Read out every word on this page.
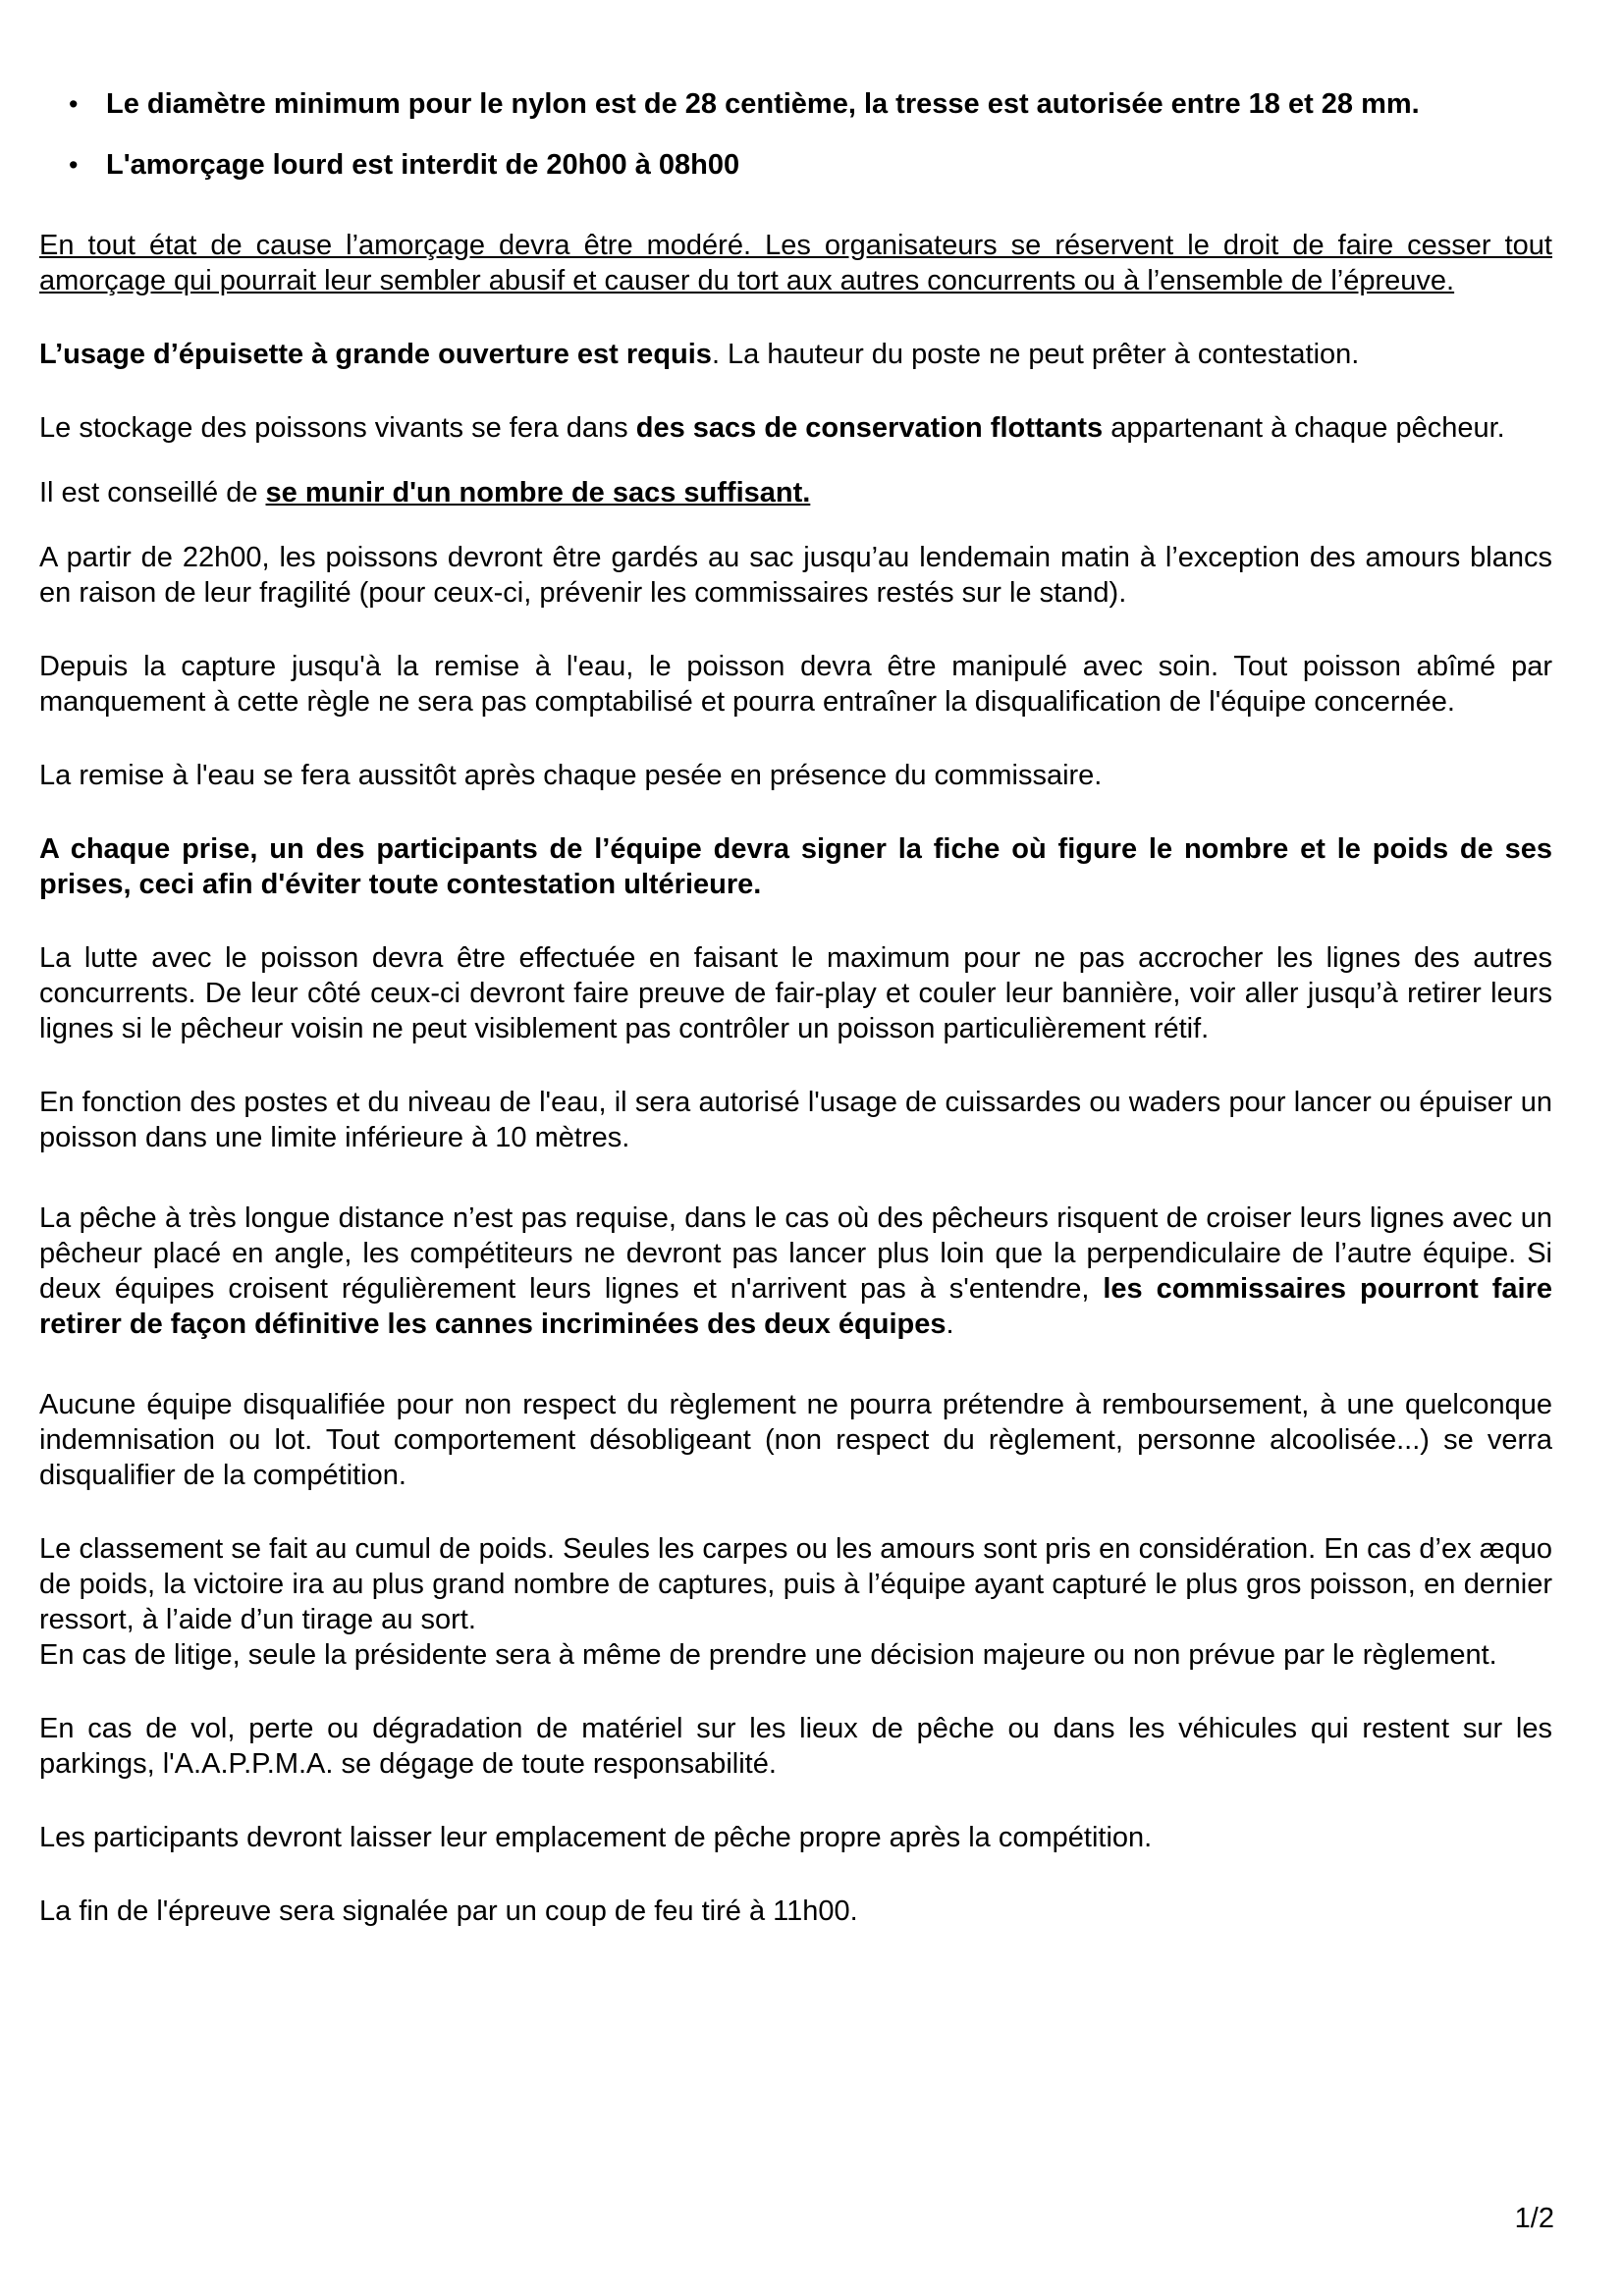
• Le diamètre minimum pour le nylon est de 28 centième, la tresse est autorisée entre 18 et 28 mm.
• L'amorçage lourd est interdit de 20h00 à 08h00

En tout état de cause l’amorçage devra être modéré. Les organisateurs se réservent le droit de faire cesser tout amorçage qui pourrait leur sembler abusif et causer du tort aux autres concurrents ou à l’ensemble de l’épreuve.

L’usage d’épuisette à grande ouverture est requis. La hauteur du poste ne peut prêter à contestation.

Le stockage des poissons vivants se fera dans des sacs de conservation flottants appartenant à chaque pêcheur.

Il est conseillé de se munir d'un nombre de sacs suffisant.

A partir de 22h00, les poissons devront être gardés au sac jusqu’au lendemain matin à l’exception des amours blancs en raison de leur fragilité (pour ceux-ci, prévenir les commissaires restés sur le stand).

Depuis la capture jusqu'à la remise à l'eau, le poisson devra être manipulé avec soin. Tout poisson abîmé par manquement à cette règle ne sera pas comptabilisé et pourra entraîner la disqualification de l'équipe concernée.

La remise à l'eau se fera aussitôt après chaque pesée en présence du commissaire.

A chaque prise, un des participants de l’équipe devra signer la fiche où figure le nombre et le poids de ses prises, ceci afin d'éviter toute contestation ultérieure.

La lutte avec le poisson devra être effectuée en faisant le maximum pour ne pas accrocher les lignes des autres concurrents. De leur côté ceux-ci devront faire preuve de fair-play et couler leur bannière, voir aller jusqu’à retirer leurs lignes si le pêcheur voisin ne peut visiblement pas contrôler un poisson particulièrement rétif.

En fonction des postes et du niveau de l'eau, il sera autorisé l'usage de cuissardes ou waders pour lancer ou épuiser un poisson dans une limite inférieure à 10 mètres.

La pêche à très longue distance n’est pas requise, dans le cas où des pêcheurs risquent de croiser leurs lignes avec un pêcheur placé en angle, les compétiteurs ne devront pas lancer plus loin que la perpendiculaire de l’autre équipe. Si deux équipes croisent régulièrement leurs lignes et n'arrivent pas à s'entendre, les commissaires pourront faire retirer de façon définitive les cannes incriminées des deux équipes.

Aucune équipe disqualifiée pour non respect du règlement ne pourra prétendre à remboursement, à une quelconque indemnisation ou lot. Tout comportement désobligeant (non respect du règlement, personne alcoolisée...) se verra disqualifier de la compétition.

Le classement se fait au cumul de poids. Seules les carpes ou les amours sont pris en considération. En cas d’ex æquo de poids, la victoire ira au plus grand nombre de captures, puis à l’équipe ayant capturé le plus gros poisson, en dernier ressort, à l’aide d’un tirage au sort.

En cas de litige, seule la présidente sera à même de prendre une décision majeure ou non prévue par le règlement.

En cas de vol, perte ou dégradation de matériel sur les lieux de pêche ou dans les véhicules qui restent sur les parkings, l'A.A.P.P.M.A. se dégage de toute responsabilité.

Les participants devront laisser leur emplacement de pêche propre après la compétition.

La fin de l'épreuve sera signalée par un coup de feu tiré à 11h00.

1/2
